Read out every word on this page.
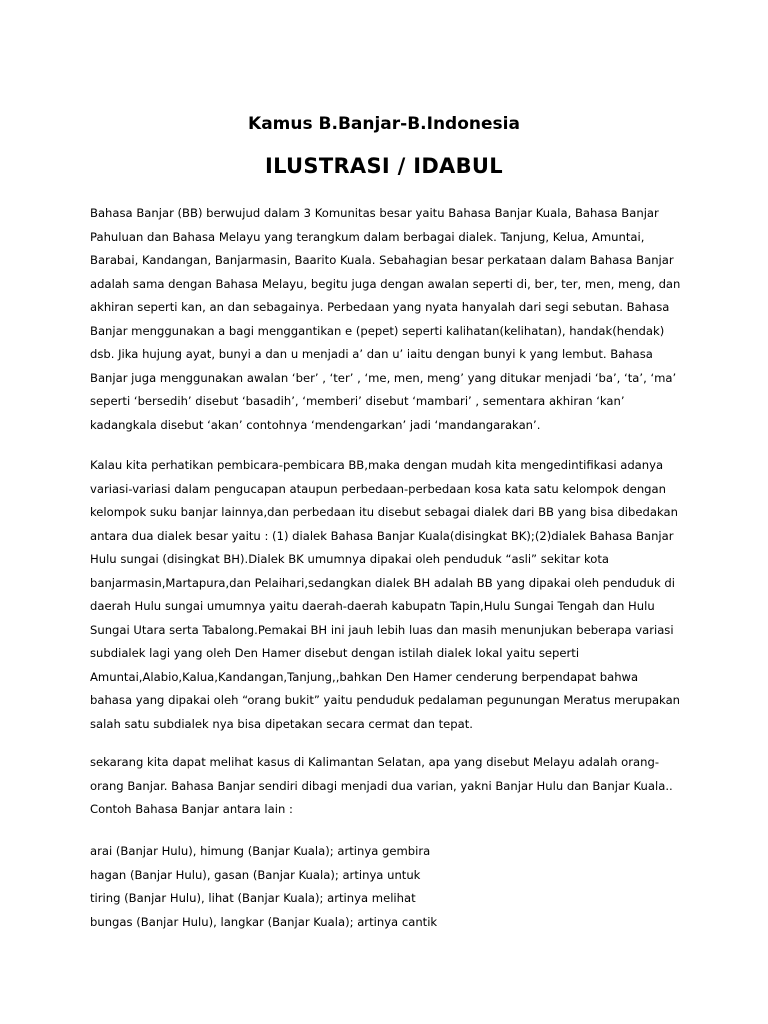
Kamus B.Banjar-B.Indonesia
ILUSTRASI / IDABUL

Bahasa Banjar (BB) berwujud dalam 3 Komunitas besar yaitu Bahasa Banjar Kuala, Bahasa Banjar
Pahuluan dan Bahasa Melayu yang terangkum dalam berbagai dialek. Tanjung, Kelua, Amuntai,
Barabai, Kandangan, Banjarmasin, Baarito Kuala. Sebahagian besar perkataan dalam Bahasa Banjar
adalah sama dengan Bahasa Melayu, begitu juga dengan awalan seperti di, ber, ter, men, meng, dan
akhiran seperti kan, an dan sebagainya. Perbedaan yang nyata hanyalah dari segi sebutan. Bahasa
Banjar menggunakan a bagi menggantikan e (pepet) seperti kalihatan(kelihatan), handak(hendak)
dsb. Jika hujung ayat, bunyi a dan u menjadi a’ dan u’ iaitu dengan bunyi k yang lembut. Bahasa
Banjar juga menggunakan awalan ‘ber’ , ‘ter’ , ‘me, men, meng’ yang ditukar menjadi ‘ba’, ‘ta’, ‘ma’
seperti ‘bersedih’ disebut ‘basadih’, ‘memberi’ disebut ‘mambari’ , sementara akhiran ‘kan’
kadangkala disebut ‘akan’ contohnya ‘mendengarkan’ jadi ‘mandangarakan’.

Kalau kita perhatikan pembicara-pembicara BB,maka dengan mudah kita mengedintifikasi adanya
variasi-variasi dalam pengucapan ataupun perbedaan-perbedaan kosa kata satu kelompok dengan
kelompok suku banjar lainnya,dan perbedaan itu disebut sebagai dialek dari BB yang bisa dibedakan
antara dua dialek besar yaitu : (1) dialek Bahasa Banjar Kuala(disingkat BK);(2)dialek Bahasa Banjar
Hulu sungai (disingkat BH).Dialek BK umumnya dipakai oleh penduduk “asli” sekitar kota
banjarmasin,Martapura,dan Pelaihari,sedangkan dialek BH adalah BB yang dipakai oleh penduduk di
daerah Hulu sungai umumnya yaitu daerah-daerah kabupatn Tapin,Hulu Sungai Tengah dan Hulu
Sungai Utara serta Tabalong.Pemakai BH ini jauh lebih luas dan masih menunjukan beberapa variasi
subdialek lagi yang oleh Den Hamer disebut dengan istilah dialek lokal yaitu seperti
Amuntai,Alabio,Kalua,Kandangan,Tanjung,,bahkan Den Hamer cenderung berpendapat bahwa
bahasa yang dipakai oleh “orang bukit” yaitu penduduk pedalaman pegunungan Meratus merupakan
salah satu subdialek nya bisa dipetakan secara cermat dan tepat.

sekarang kita dapat melihat kasus di Kalimantan Selatan, apa yang disebut Melayu adalah orang-
orang Banjar. Bahasa Banjar sendiri dibagi menjadi dua varian, yakni Banjar Hulu dan Banjar Kuala..
Contoh Bahasa Banjar antara lain :

arai (Banjar Hulu), himung (Banjar Kuala); artinya gembira
hagan (Banjar Hulu), gasan (Banjar Kuala); artinya untuk
tiring (Banjar Hulu), lihat (Banjar Kuala); artinya melihat
bungas (Banjar Hulu), langkar (Banjar Kuala); artinya cantik
